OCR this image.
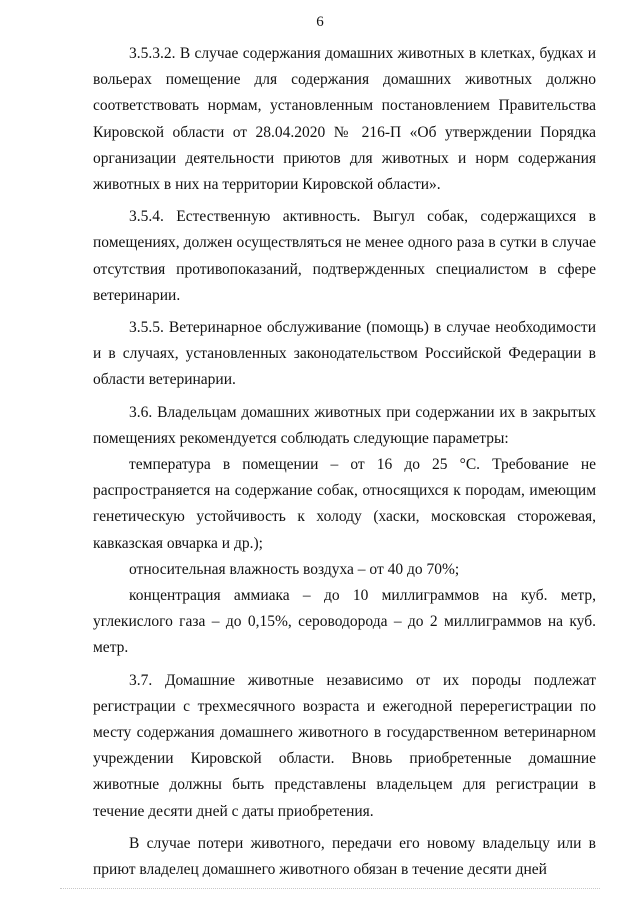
6

3.5.3.2. В случае содержания домашних животных в клетках, будках и вольерах помещение для содержания домашних животных должно соответствовать нормам, установленным постановлением Правительства Кировской области от 28.04.2020 № 216-П «Об утверждении Порядка организации деятельности приютов для животных и норм содержания животных в них на территории Кировской области».

3.5.4. Естественную активность. Выгул собак, содержащихся в помещениях, должен осуществляться не менее одного раза в сутки в случае отсутствия противопоказаний, подтвержденных специалистом в сфере ветеринарии.

3.5.5. Ветеринарное обслуживание (помощь) в случае необходимости и в случаях, установленных законодательством Российской Федерации в области ветеринарии.

3.6. Владельцам домашних животных при содержании их в закрытых помещениях рекомендуется соблюдать следующие параметры:

температура в помещении – от 16 до 25 °С. Требование не распространяется на содержание собак, относящихся к породам, имеющим генетическую устойчивость к холоду (хаски, московская сторожевая, кавказская овчарка и др.);

относительная влажность воздуха – от 40 до 70%;

концентрация аммиака – до 10 миллиграммов на куб. метр, углекислого газа – до 0,15%, сероводорода – до 2 миллиграммов на куб. метр.

3.7. Домашние животные независимо от их породы подлежат регистрации с трехмесячного возраста и ежегодной перерегистрации по месту содержания домашнего животного в государственном ветеринарном учреждении Кировской области. Вновь приобретенные домашние животные должны быть представлены владельцем для регистрации в течение десяти дней с даты приобретения.

В случае потери животного, передачи его новому владельцу или в приют владелец домашнего животного обязан в течение десяти дней
